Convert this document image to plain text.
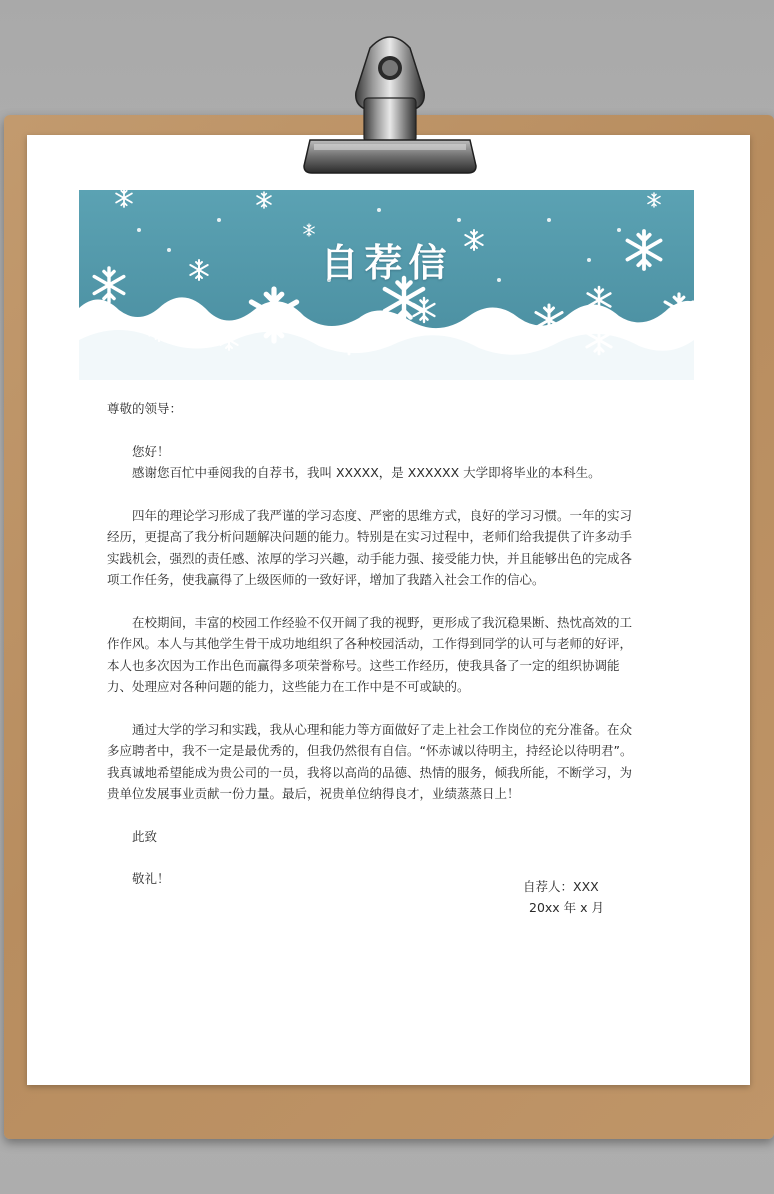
自荐信

尊敬的领导：

您好！

感谢您百忙中垂阅我的自荐书，我叫 XXXXX，是 XXXXXX 大学即将毕业的本科生。

四年的理论学习形成了我严谨的学习态度、严密的思维方式，良好的学习习惯。一年的实习经历，更提高了我分析问题解决问题的能力。特别是在实习过程中，老师们给我提供了许多动手实践机会，强烈的责任感、浓厚的学习兴趣，动手能力强、接受能力快，并且能够出色的完成各项工作任务，使我赢得了上级医师的一致好评，增加了我踏入社会工作的信心。

在校期间，丰富的校园工作经验不仅开阔了我的视野，更形成了我沉稳果断、热忱高效的工作作风。本人与其他学生骨干成功地组织了各种校园活动，工作得到同学的认可与老师的好评，本人也多次因为工作出色而赢得多项荣誉称号。这些工作经历，使我具备了一定的组织协调能力、处理应对各种问题的能力，这些能力在工作中是不可或缺的。

通过大学的学习和实践，我从心理和能力等方面做好了走上社会工作岗位的充分准备。在众多应聘者中，我不一定是最优秀的，但我仍然很有自信。“怀赤诚以待明主，持经论以待明君”。我真诚地希望能成为贵公司的一员，我将以高尚的品德、热情的服务，倾我所能，不断学习，为贵单位发展事业贡献一份力量。最后，祝贵单位纳得良才，业绩蒸蒸日上！

此致

敬礼！

自荐人：XXX
20xx 年 x 月
